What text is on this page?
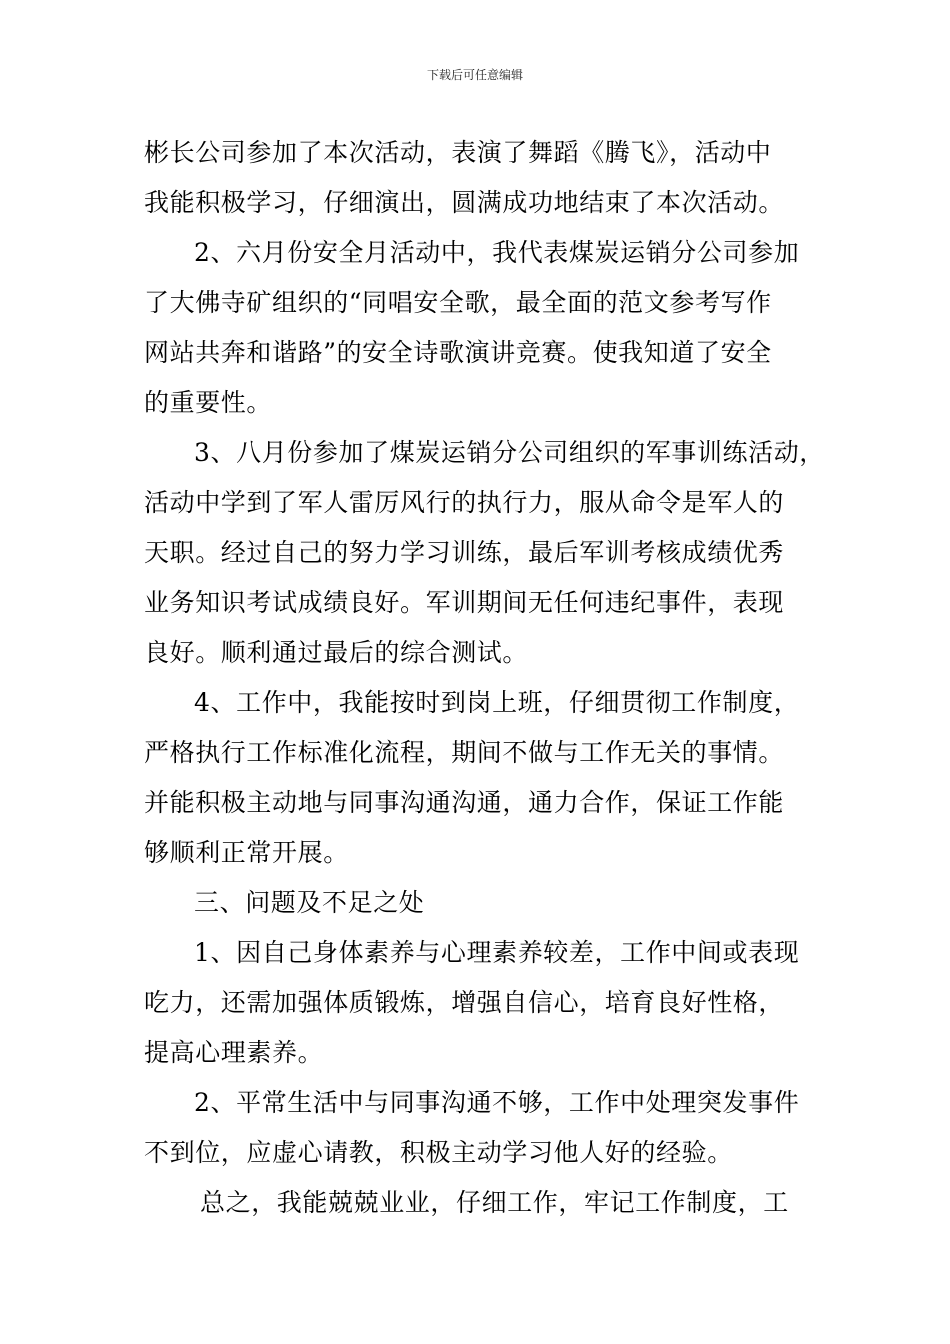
下载后可任意编辑
彬长公司参加了本次活动，表演了舞蹈《腾飞》，活动中
我能积极学习，仔细演出，圆满成功地结束了本次活动。
2、六月份安全月活动中，我代表煤炭运销分公司参加
了大佛寺矿组织的“同唱安全歌，最全面的范文参考写作
网站共奔和谐路”的安全诗歌演讲竞赛。使我知道了安全
的重要性。
3、八月份参加了煤炭运销分公司组织的军事训练活动，
活动中学到了军人雷厉风行的执行力，服从命令是军人的
天职。经过自己的努力学习训练，最后军训考核成绩优秀
业务知识考试成绩良好。军训期间无任何违纪事件，表现
良好。顺利通过最后的综合测试。
4、工作中，我能按时到岗上班，仔细贯彻工作制度，
严格执行工作标准化流程，期间不做与工作无关的事情。
并能积极主动地与同事沟通沟通，通力合作，保证工作能
够顺利正常开展。
三、问题及不足之处
1、因自己身体素养与心理素养较差，工作中间或表现
吃力，还需加强体质锻炼，增强自信心，培育良好性格，
提高心理素养。
2、平常生活中与同事沟通不够，工作中处理突发事件
不到位，应虚心请教，积极主动学习他人好的经验。
总之，我能兢兢业业，仔细工作，牢记工作制度，工
